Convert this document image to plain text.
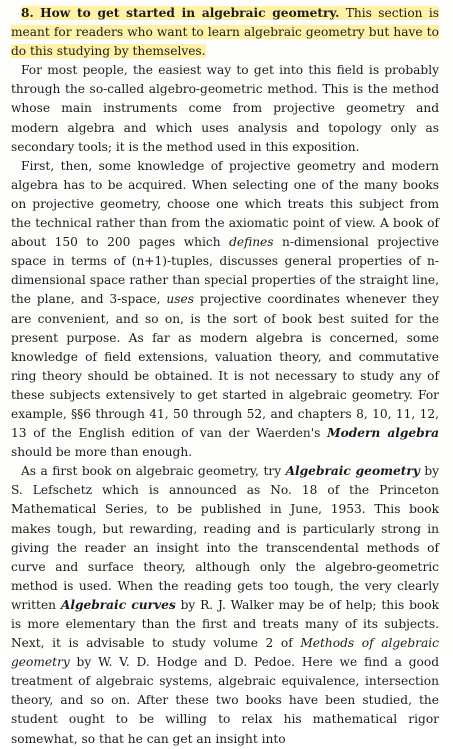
8. How to get started in algebraic geometry. This section is meant for readers who want to learn algebraic geometry but have to do this studying by themselves.

For most people, the easiest way to get into this field is probably through the so-called algebro-geometric method. This is the method whose main instruments come from projective geometry and modern algebra and which uses analysis and topology only as secondary tools; it is the method used in this exposition.

First, then, some knowledge of projective geometry and modern algebra has to be acquired. When selecting one of the many books on projective geometry, choose one which treats this subject from the technical rather than from the axiomatic point of view. A book of about 150 to 200 pages which defines n-dimensional projective space in terms of (n+1)-tuples, discusses general properties of n-dimensional space rather than special properties of the straight line, the plane, and 3-space, uses projective coordinates whenever they are convenient, and so on, is the sort of book best suited for the present purpose. As far as modern algebra is concerned, some knowledge of field extensions, valuation theory, and commutative ring theory should be obtained. It is not necessary to study any of these subjects extensively to get started in algebraic geometry. For example, §§6 through 41, 50 through 52, and chapters 8, 10, 11, 12, 13 of the English edition of van der Waerden's Modern algebra should be more than enough.

As a first book on algebraic geometry, try Algebraic geometry by S. Lefschetz which is announced as No. 18 of the Princeton Mathematical Series, to be published in June, 1953. This book makes tough, but rewarding, reading and is particularly strong in giving the reader an insight into the transcendental methods of curve and surface theory, although only the algebro-geometric method is used. When the reading gets too tough, the very clearly written Algebraic curves by R. J. Walker may be of help; this book is more elementary than the first and treats many of its subjects. Next, it is advisable to study volume 2 of Methods of algebraic geometry by W. V. D. Hodge and D. Pedoe. Here we find a good treatment of algebraic systems, algebraic equivalence, intersection theory, and so on. After these two books have been studied, the student ought to be willing to relax his mathematical rigor somewhat, so that he can get an insight into
